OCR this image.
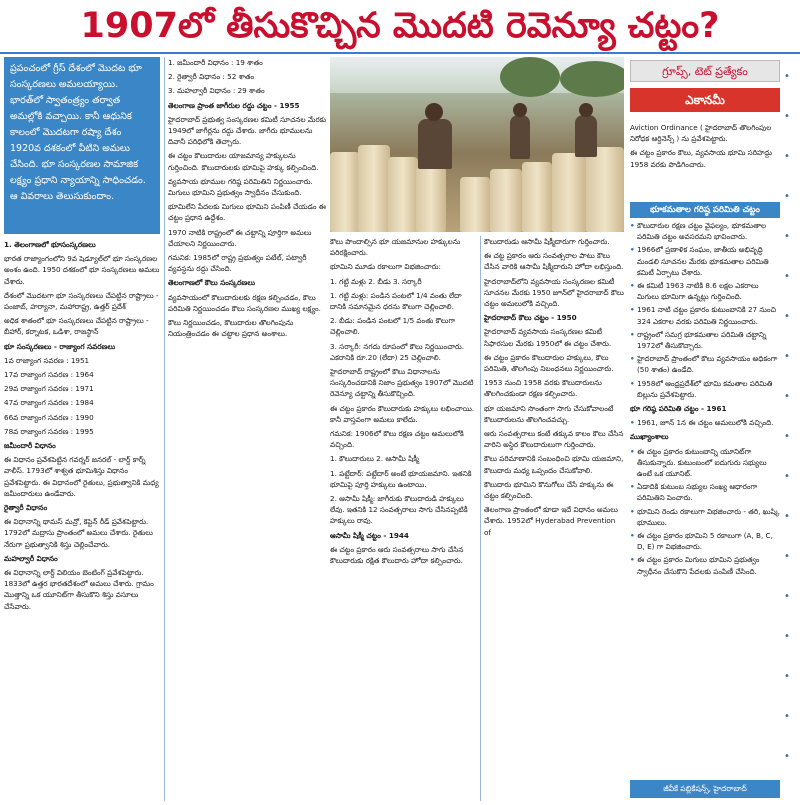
1907లో తీసుకొచ్చిన మొదటి రెవెన్యూ చట్టం?

ప్రపంచంలో గ్రీస్ దేశంలో మొదట భూ సంస్కరణలు అమలయ్యాయి. భారత్‌లో స్వాతంత్ర్యం తర్వాత అమల్లోకి వచ్చాయి. కానీ ఆధునిక కాలంలో మొదటగా రష్యా దేశం 1920వ దశకంలో వీటిని అమలు చేసింది. భూ సంస్కరణల సామాజిక లక్ష్యం ప్రధాని న్యాయాన్ని సాధించడం. ఆ వివరాలు తెలుసుకుందాం.

గ్రూప్స్, టెట్ ప్రత్యేకం
ఎకానమీ

1. తెలంగాణలో భూసంస్కరణలు

భారత రాజ్యాంగంలోని 9వ షెడ్యూల్‌లో భూ సంస్కరణల అంశం ఉంది. 1950 దశకంలో భూ సంస్కరణలు అమలు చేశారు.

దేశంలో మొదటగా భూ సంస్కరణలు చేపట్టిన రాష్ట్రాలు - పంజాబ్, హర్యానా, మహారాష్ట్ర, ఉత్తర్ ప్రదేశ్

అధిక శాతంలో భూ సంస్కరణలు చేపట్టిన రాష్ట్రాలు - బీహార్, కర్నాటక, ఒడిశా, రాజస్థాన్

భూ సంస్కరణలు - రాజ్యాంగ సవరణలు

1వ రాజ్యాంగ సవరణ : 1951

17వ రాజ్యాంగ సవరణ : 1964

29వ రాజ్యాంగ సవరణ : 1971

47వ రాజ్యాంగ సవరణ : 1984

66వ రాజ్యాంగ సవరణ : 1990

78వ రాజ్యాంగ సవరణ : 1995

జమీందారీ విధానం

ఈ విధానం ప్రవేశపెట్టిన గవర్నర్ జనరల్ - లార్డ్ కార్న్ వాలీస్. 1793లో శాశ్వత భూమిశిస్తు విధానం ప్రవేశపెట్టారు. ఈ విధానంలో రైతులు, ప్రభుత్వానికి మధ్య జమీందారులు ఉండేవారు.

రైత్వారీ విధానం

ఈ విధానాన్ని థామస్ మన్రో, కెప్టెన్ రీడ్ ప్రవేశపెట్టారు. 1792లో మద్రాసు ప్రాంతంలో అమలు చేశారు. రైతులు నేరుగా ప్రభుత్వానికి శిస్తు చెల్లించేవారు.

మహల్వారీ విధానం

ఈ విధానాన్ని లార్డ్ విలియం బెంటింగ్ ప్రవేశపెట్టారు. 1833లో ఉత్తర భారతదేశంలో అమలు చేశారు. గ్రామం మొత్తాన్ని ఒక యూనిట్‌గా తీసుకొని శిస్తు వసూలు చేసేవారు.

1. జమీందారీ విధానం : 19 శాతం

2. రైత్వారీ విధానం : 52 శాతం

3. మహల్వారీ విధానం : 29 శాతం

తెలంగాణ ప్రాంత జాగీరుల రద్దు చట్టం - 1955

హైదరాబాద్ ప్రభుత్వ సంస్కరణల కమిటీ సూచనల మేరకు 1949లో జాగీర్లను రద్దు చేశారు. జాగీరు భూములను దివానీ పరిధిలోకి తెచ్చారు.

ఈ చట్టం కౌలుదారుల యాజమాన్య హక్కులను గుర్తించింది. కౌలుదారులకు భూమిపై హక్కు కల్పించింది.

వ్యవసాయ భూముల గరిష్ఠ పరిమితిని నిర్ణయించారు. మిగులు భూమిని ప్రభుత్వం స్వాధీనం చేసుకుంది.

భూమిలేని పేదలకు మిగులు భూమిని పంపిణీ చేయడం ఈ చట్టం ప్రధాన ఉద్దేశం.

1970 నాటికి రాష్ట్రంలో ఈ చట్టాన్ని పూర్తిగా అమలు చేయాలని నిర్ణయించారు.

గమనిక: 1985లో రాష్ట్ర ప్రభుత్వం పటేల్, పట్వారీ వ్యవస్థను రద్దు చేసింది.

తెలంగాణలో కౌలు సంస్కరణలు

వ్యవసాయంలో కౌలుదారులకు రక్షణ కల్పించడం, కౌలు పరిమితి నిర్ణయించడం కౌలు సంస్కరణల ముఖ్య లక్ష్యం.

కౌలు నిర్ణయించడం, కౌలుదారుల తొలగింపును నియంత్రించడం ఈ చట్టాల ప్రధాన అంశాలు.

కౌలు పొందాల్సిన భూ యజమానుల హక్కులను పరిరక్షించారు.

భూమిని మూడు రకాలుగా విభజించారు:

1. గట్టి మళ్లు 2. బీడు 3. సర్కారీ

1. గట్టి మళ్లు: పండిన పంటలో 1/4 వంతు లేదా దానికి సమానమైన ధరను కౌలుగా చెల్లించాలి.

2. బీడు: పండిన పంటలో 1/5 వంతు కౌలుగా చెల్లించాలి.

3. సర్కారీ: నగదు రూపంలో కౌలు నిర్ణయించారు. ఎకరానికి రూ.20 (లేదా) 25 చెల్లించాలి.

హైదరాబాద్ రాష్ట్రంలో కౌలు విధానాలను సంస్కరించడానికి నిజాం ప్రభుత్వం 1907లో మొదటి రెవెన్యూ చట్టాన్ని తీసుకొచ్చింది.

ఈ చట్టం ప్రకారం కౌలుదారుకు హక్కులు లభించాయి. కానీ వాస్తవంగా అమలు కాలేదు.

గమనిక: 1906లో కౌలు రక్షణ చట్టం అమలులోకి వచ్చింది.

1. కౌలుదారులు 2. ఆసామీ షిక్మీ

1. పట్టేదార్: పట్టేదార్ అంటే భూయజమాని. ఇతనికి భూమిపై పూర్తి హక్కులు ఉంటాయి.

2. ఆసామీ షిక్మీ: జాగీరుకు కౌలుదారుడి హక్కులు లేవు. ఇతనికి 12 సంవత్సరాలు సాగు చేసినప్పటికీ హక్కులు రావు.

ఆసామీ షిక్మీ చట్టం - 1944

ఈ చట్టం ప్రకారం ఆరు సంవత్సరాలు సాగు చేసిన కౌలుదారుకు రక్షిత కౌలుదారు హోదా కల్పించారు.

కౌలుదారుడు ఆసామీ షిక్మీదారుగా గుర్తించారు.

ఈ చట్ట ప్రకారం ఆరు సంవత్సరాల పాటు కౌలు చేసిన వారికి ఆసామీ షిక్మీదారుని హోదా లభిస్తుంది.

హైదరాబాద్‌లోని వ్యవసాయ సంస్కరణల కమిటీ సూచనల మేరకు 1950 జూన్‌లో హైదరాబాద్ కౌలు చట్టం అమలులోకి వచ్చింది.

హైదరాబాద్ కౌలు చట్టం - 1950

హైదరాబాద్ వ్యవసాయ సంస్కరణల కమిటీ సిఫారసుల మేరకు 1950లో ఈ చట్టం చేశారు.

ఈ చట్టం ప్రకారం కౌలుదారుల హక్కులు, కౌలు పరిమితి, తొలగింపు నిబంధనలు నిర్ణయించారు.

1953 నుంచి 1958 వరకు కౌలుదారులను తొలగించకుండా రక్షణ కల్పించారు.

భూ యజమాని సొంతంగా సాగు చేసుకోవాలంటే కౌలుదారులను తొలగించవచ్చు.

ఆరు సంవత్సరాలు కంటే తక్కువ కాలం కౌలు చేసిన వారిని అస్థిర కౌలుదారులుగా గుర్తించారు.

కౌలు పరిమాణానికి సంబంధించి భూమి యజమాని, కౌలుదారు మధ్య ఒప్పందం చేసుకోవాలి.

కౌలుదారు భూమిని కొనుగోలు చేసే హక్కును ఈ చట్టం కల్పించింది.

తెలంగాణ ప్రాంతంలో కూడా ఇదే విధానం అమలు చేశారు. 1952లో Hyderabad Prevention of

Aviction Ordinance ( హైదరాబాద్ తొలగింపుల నిరోధక ఆర్డినెన్స్‌ ) ను ప్రవేశపెట్టారు.

ఈ చట్టం ప్రకారం కౌలు, వ్యవసాయ భూమి సరిహద్దు 1958 వరకు పొడిగించారు.

భూకమతాల గరిష్ఠ పరిమితి చట్టం

• కౌలుదారుల రక్షణ చట్టం వైఫల్యం, భూకమతాల పరిమితి చట్టం అవసరమని భావించారు.

• 1966లో ప్రణాళిక సంఘం, జాతీయ అభివృద్ధి మండలి సూచనల మేరకు భూకమతాల పరిమితి కమిటీ ఏర్పాటు చేశారు.

• ఈ కమిటీ 1963 నాటికి 8.6 లక్షల ఎకరాలు మిగులు భూమిగా ఉన్నట్లు గుర్తించింది.

• 1961 నాటి చట్టం ప్రకారం కుటుంబానికి 27 నుంచి 324 ఎకరాల వరకు పరిమితి నిర్ణయించారు.

• రాష్ట్రంలో సమగ్ర భూకమతాల పరిమితి చట్టాన్ని 1972లో తీసుకొచ్చారు.

• హైదరాబాద్ ప్రాంతంలో కౌలు వ్యవసాయం అధికంగా (50 శాతం) ఉండేది.

• 1958లో ఆంధ్రప్రదేశ్‌లో భూమి కమతాల పరిమితి బిల్లును ప్రవేశపెట్టారు.

భూ గరిష్ఠ పరిమితి చట్టం - 1961

• 1961, జూన్ 1న ఈ చట్టం అమలులోకి వచ్చింది.

ముఖ్యాంశాలు

• ఈ చట్టం ప్రకారం కుటుంబాన్ని యూనిట్‌గా తీసుకున్నారు. కుటుంబంలో ఐదుగురు సభ్యులు ఉంటే ఒక యూనిట్.

• ఏడాదికి కుటుంబ సభ్యుల సంఖ్య ఆధారంగా పరిమితిని పెంచారు.

• భూమిని రెండు రకాలుగా విభజించారు - తరి, ఖుష్కి భూములు.

• ఈ చట్టం ప్రకారం భూమిని 5 రకాలుగా (A, B, C, D, E) గా విభజించారు.

• ఈ చట్టం ప్రకారం మిగులు భూమిని ప్రభుత్వం స్వాధీనం చేసుకొని పేదలకు పంపిణీ చేసింది.

జీవీకే పబ్లికేషన్స్, హైదరాబాద్
•
•
•
•
•
•
•
•
•
•
•
•
•
•
•
•
•
•
